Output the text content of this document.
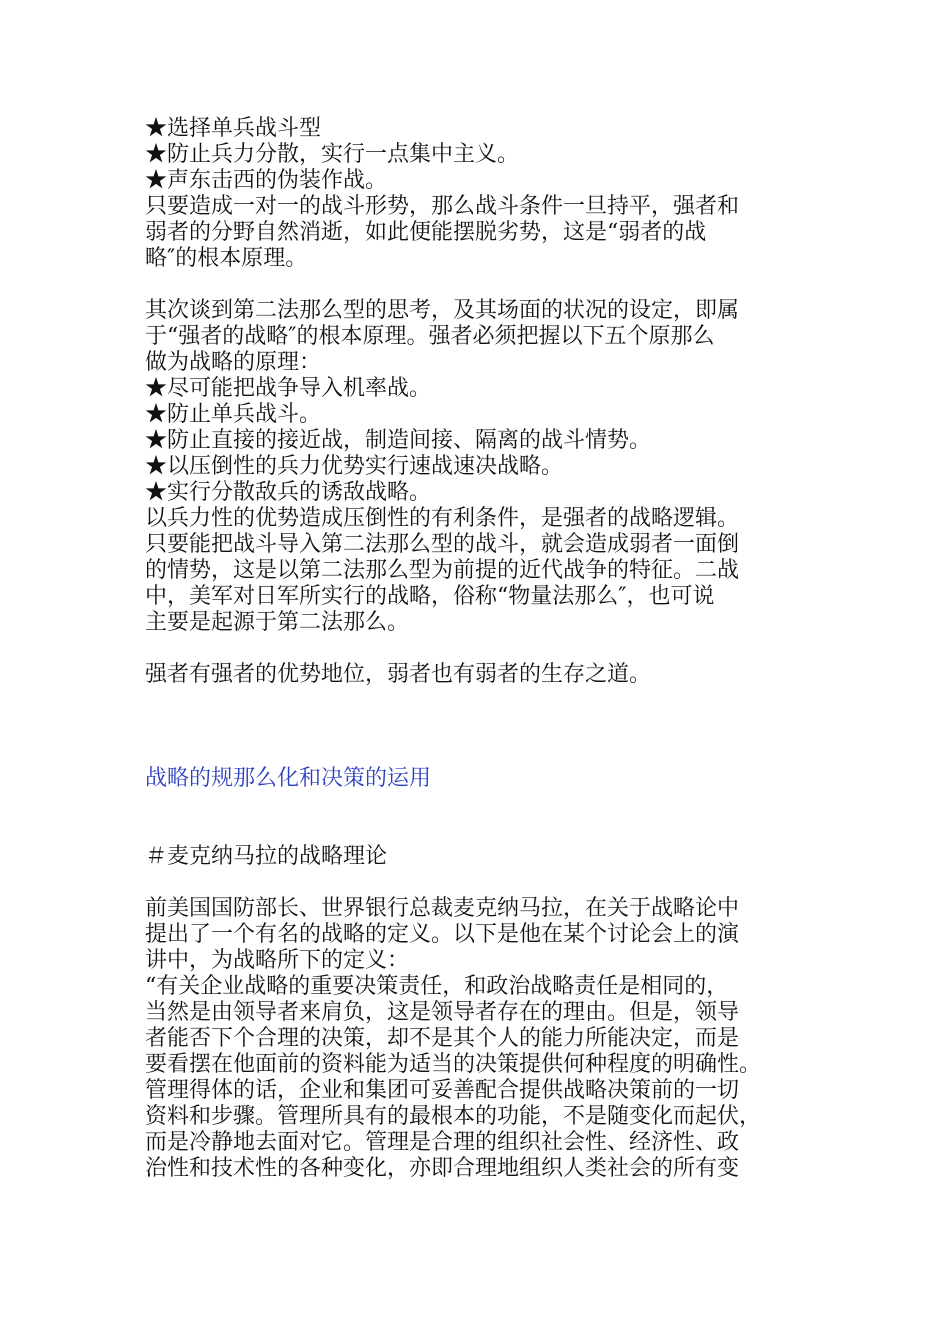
★选择单兵战斗型
★防止兵力分散，实行一点集中主义。
★声东击西的伪装作战。
只要造成一对一的战斗形势，那么战斗条件一旦持平，强者和
弱者的分野自然消逝，如此便能摆脱劣势，这是“弱者的战
略″的根本原理。
其次谈到第二法那么型的思考，及其场面的状况的设定，即属
于“强者的战略″的根本原理。强者必须把握以下五个原那么
做为战略的原理：
★尽可能把战争导入机率战。
★防止单兵战斗。
★防止直接的接近战，制造间接、隔离的战斗情势。
★以压倒性的兵力优势实行速战速决战略。
★实行分散敌兵的诱敌战略。
以兵力性的优势造成压倒性的有利条件，是强者的战略逻辑。
只要能把战斗导入第二法那么型的战斗，就会造成弱者一面倒
的情势，这是以第二法那么型为前提的近代战争的特征。二战
中，美军对日军所实行的战略，俗称“物量法那么″，也可说
主要是起源于第二法那么。
强者有强者的优势地位，弱者也有弱者的生存之道。
战略的规那么化和决策的运用
＃麦克纳马拉的战略理论
前美国国防部长、世界银行总裁麦克纳马拉，在关于战略论中
提出了一个有名的战略的定义。以下是他在某个讨论会上的演
讲中，为战略所下的定义：
“有关企业战略的重要决策责任，和政治战略责任是相同的，
当然是由领导者来肩负，这是领导者存在的理由。但是，领导
者能否下个合理的决策，却不是其个人的能力所能决定，而是
要看摆在他面前的资料能为适当的决策提供何种程度的明确性。
管理得体的话，企业和集团可妥善配合提供战略决策前的一切
资料和步骤。管理所具有的最根本的功能，不是随变化而起伏，
而是冷静地去面对它。管理是合理的组织社会性、经济性、政
治性和技术性的各种变化，亦即合理地组织人类社会的所有变
